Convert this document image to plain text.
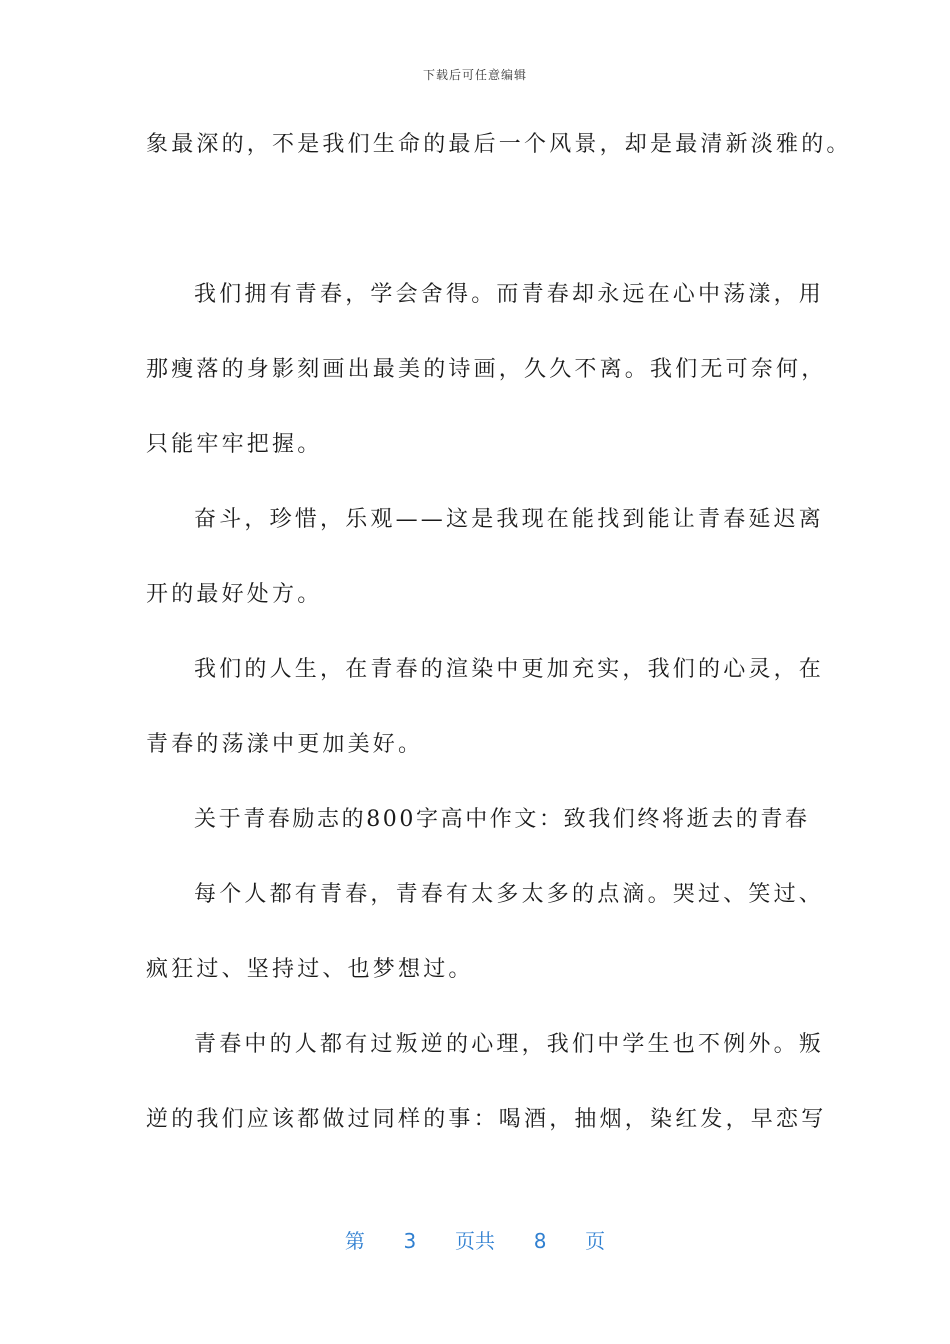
下载后可任意编辑
象最深的，不是我们生命的最后一个风景，却是最清新淡雅的。
我们拥有青春，学会舍得。而青春却永远在心中荡漾，用
那瘦落的身影刻画出最美的诗画，久久不离。我们无可奈何，
只能牢牢把握。
奋斗，珍惜，乐观——这是我现在能找到能让青春延迟离
开的最好处方。
我们的人生，在青春的渲染中更加充实，我们的心灵，在
青春的荡漾中更加美好。
关于青春励志的800字高中作文：致我们终将逝去的青春
每个人都有青春，青春有太多太多的点滴。哭过、笑过、
疯狂过、坚持过、也梦想过。
青春中的人都有过叛逆的心理，我们中学生也不例外。叛
逆的我们应该都做过同样的事：喝酒，抽烟，染红发，早恋写
第 3 页共 8 页
